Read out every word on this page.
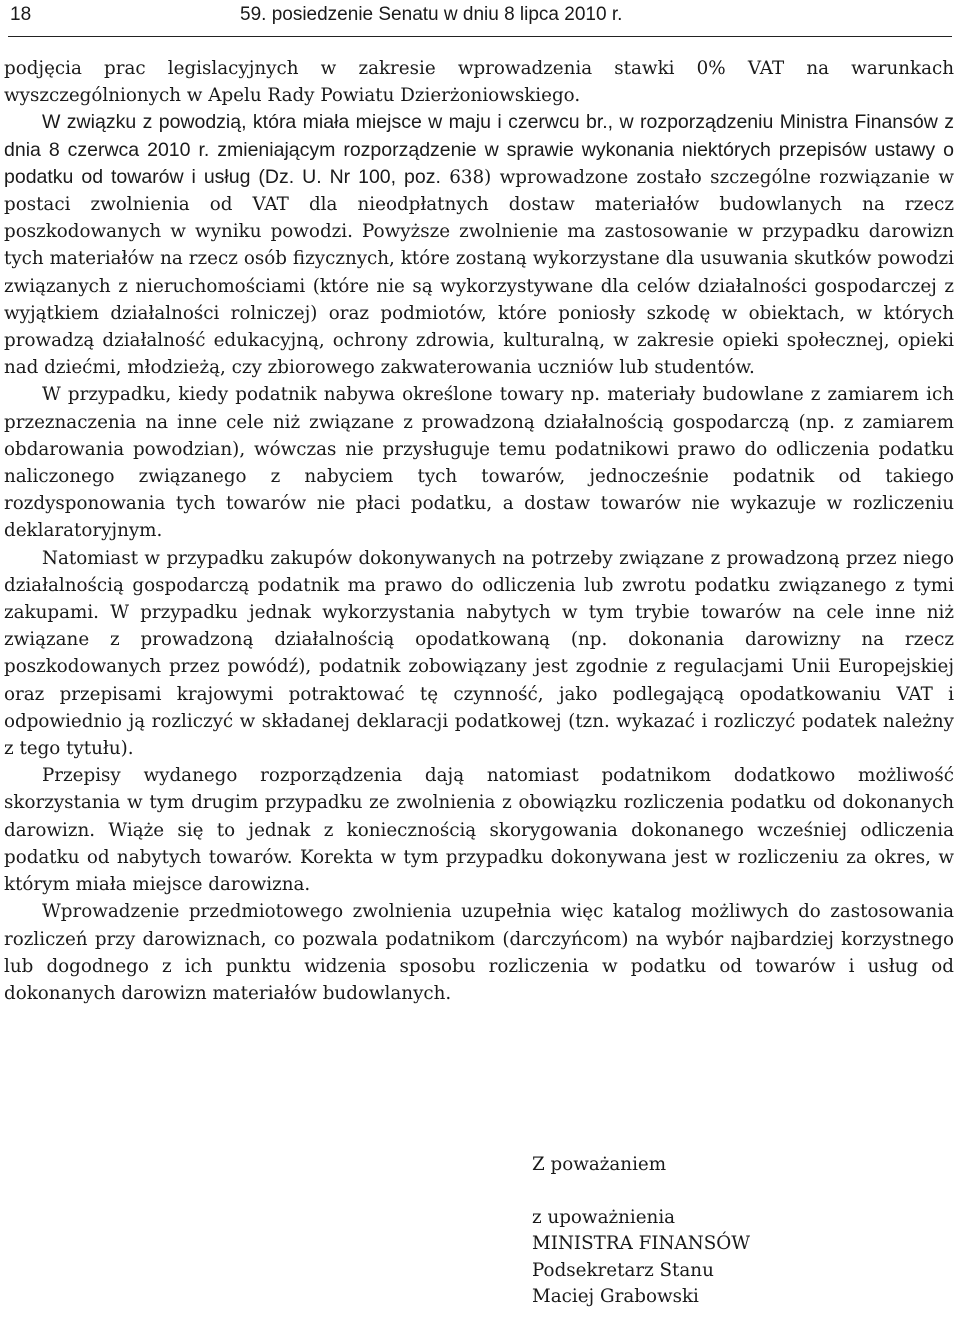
18	59. posiedzenie Senatu w dniu 8 lipca 2010 r.

podjęcia prac legislacyjnych w zakresie wprowadzenia stawki 0% VAT na warunkach wyszczególnionych w Apelu Rady Powiatu Dzierżoniowskiego.

W związku z powodzią, która miała miejsce w maju i czerwcu br., w rozporządzeniu Ministra Finansów z dnia 8 czerwca 2010 r. zmieniającym rozporządzenie w sprawie wykonania niektórych przepisów ustawy o podatku od towarów i usług (Dz. U. Nr 100, poz. 638) wprowadzone zostało szczególne rozwiązanie w postaci zwolnienia od VAT dla nieodpłatnych dostaw materiałów budowlanych na rzecz poszkodowanych w wyniku powodzi. Powyższe zwolnienie ma zastosowanie w przypadku darowizn tych materiałów na rzecz osób fizycznych, które zostaną wykorzystane dla usuwania skutków powodzi związanych z nieruchomościami (które nie są wykorzystywane dla celów działalności gospodarczej z wyjątkiem działalności rolniczej) oraz podmiotów, które poniosły szkodę w obiektach, w których prowadzą działalność edukacyjną, ochrony zdrowia, kulturalną, w zakresie opieki społecznej, opieki nad dziećmi, młodzieżą, czy zbiorowego zakwaterowania uczniów lub studentów.

W przypadku, kiedy podatnik nabywa określone towary np. materiały budowlane z zamiarem ich przeznaczenia na inne cele niż związane z prowadzoną działalnością gospodarczą (np. z zamiarem obdarowania powodzian), wówczas nie przysługuje temu podatnikowi prawo do odliczenia podatku naliczonego związanego z nabyciem tych towarów, jednocześnie podatnik od takiego rozdysponowania tych towarów nie płaci podatku, a dostaw towarów nie wykazuje w rozliczeniu deklaratoryjnym.

Natomiast w przypadku zakupów dokonywanych na potrzeby związane z prowadzoną przez niego działalnością gospodarczą podatnik ma prawo do odliczenia lub zwrotu podatku związanego z tymi zakupami. W przypadku jednak wykorzystania nabytych w tym trybie towarów na cele inne niż związane z prowadzoną działalnością opodatkowaną (np. dokonania darowizny na rzecz poszkodowanych przez powódź), podatnik zobowiązany jest zgodnie z regulacjami Unii Europejskiej oraz przepisami krajowymi potraktować tę czynność, jako podlegającą opodatkowaniu VAT i odpowiednio ją rozliczyć w składanej deklaracji podatkowej (tzn. wykazać i rozliczyć podatek należny z tego tytułu).

Przepisy wydanego rozporządzenia dają natomiast podatnikom dodatkowo możliwość skorzystania w tym drugim przypadku ze zwolnienia z obowiązku rozliczenia podatku od dokonanych darowizn. Wiąże się to jednak z koniecznością skorygowania dokonanego wcześniej odliczenia podatku od nabytych towarów. Korekta w tym przypadku dokonywana jest w rozliczeniu za okres, w którym miała miejsce darowizna.

Wprowadzenie przedmiotowego zwolnienia uzupełnia więc katalog możliwych do zastosowania rozliczeń przy darowiznach, co pozwala podatnikom (darczyńcom) na wybór najbardziej korzystnego lub dogodnego z ich punktu widzenia sposobu rozliczenia w podatku od towarów i usług od dokonanych darowizn materiałów budowlanych.

Z poważaniem
z upoważnienia
MINISTRA FINANSÓW
Podsekretarz Stanu
Maciej Grabowski
